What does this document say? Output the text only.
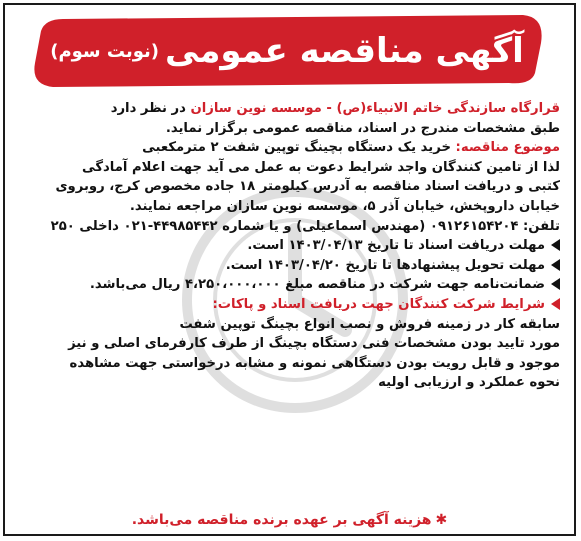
آگهی مناقصه عمومی
(نوبت سوم)
قرارگاه سازندگی خاتم الانبیاء(ص) - موسسه نوین سازان در نظر دارد
طبق مشخصات مندرج در اسناد، مناقصه عمومی برگزار نماید.
موضوع مناقصه: خرید یک دستگاه بچینگ توپین شفت ۲ مترمکعبی
لذا از تامین کنندگان واجد شرایط دعوت به عمل می آید جهت اعلام آمادگی
کتبی و دریافت اسناد مناقصه به آدرس کیلومتر ۱۸ جاده مخصوص کرج، روبروی
خیابان داروپخش، خیابان آذر ۵، موسسه نوین سازان مراجعه نمایند.
تلفن: ۰۹۱۲۶۱۵۴۲۰۴ (مهندس اسماعیلی) و یا شماره ۴۴۹۸۵۴۴۲-۰۲۱ داخلی ۲۵۰
مهلت دریافت اسناد تا تاریخ ۱۴۰۳/۰۴/۱۳ است.
مهلت تحویل پیشنهادها تا تاریخ ۱۴۰۳/۰۴/۲۰ است.
ضمانت‌نامه جهت شرکت در مناقصه مبلغ ۴،۲۵۰،۰۰۰،۰۰۰ ریال می‌باشد.
شرایط شرکت کنندگان جهت دریافت اسناد و پاکات:
سابقه کار در زمینه فروش و نصب انواع بچینگ توپین شفت
مورد تایید بودن مشخصات فنی دستگاه بچینگ از طرف کارفرمای اصلی و نیز
موجود و قابل رویت بودن دستگاهی نمونه و مشابه درخواستی جهت مشاهده
نحوه عملکرد و ارزیابی اولیه
✱هزینه آگهی بر عهده برنده مناقصه می‌باشد.
